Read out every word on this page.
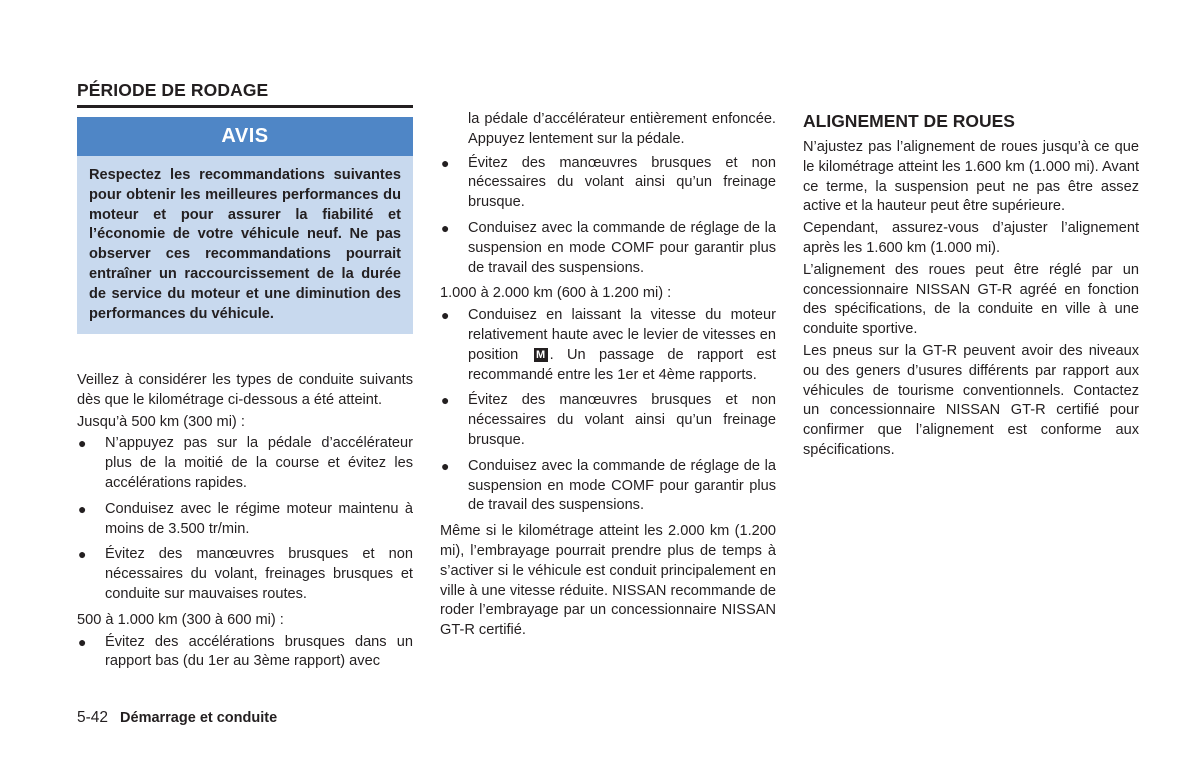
PÉRIODE DE RODAGE
AVIS
Respectez les recommandations suivantes pour obtenir les meilleures performances du moteur et pour assurer la fiabilité et l’économie de votre véhicule neuf. Ne pas observer ces recommandations pourrait entraîner un raccourcissement de la durée de service du moteur et une diminution des performances du véhicule.

Veillez à considérer les types de conduite suivants dès que le kilométrage ci-dessous a été atteint.

Jusqu’à 500 km (300 mi) :

● N’appuyez pas sur la pédale d’accélérateur plus de la moitié de la course et évitez les accélérations rapides.
● Conduisez avec le régime moteur maintenu à moins de 3.500 tr/min.
● Évitez des manœuvres brusques et non nécessaires du volant, freinages brusques et conduite sur mauvaises routes.

500 à 1.000 km (300 à 600 mi) :

● Évitez des accélérations brusques dans un rapport bas (du 1er au 3ème rapport) avec

la pédale d’accélérateur entièrement enfoncée. Appuyez lentement sur la pédale.

● Évitez des manœuvres brusques et non nécessaires du volant ainsi qu’un freinage brusque.
● Conduisez avec la commande de réglage de la suspension en mode COMF pour garantir plus de travail des suspensions.

1.000 à 2.000 km (600 à 1.200 mi) :

● Conduisez en laissant la vitesse du moteur relativement haute avec le levier de vitesses en position M . Un passage de rapport est recommandé entre les 1er et 4ème rapports.
● Évitez des manœuvres brusques et non nécessaires du volant ainsi qu’un freinage brusque.
● Conduisez avec la commande de réglage de la suspension en mode COMF pour garantir plus de travail des suspensions.

Même si le kilométrage atteint les 2.000 km (1.200 mi), l’embrayage pourrait prendre plus de temps à s’activer si le véhicule est conduit principalement en ville à une vitesse réduite. NISSAN recommande de roder l’embrayage par un concessionnaire NISSAN GT-R certifié.

ALIGNEMENT DE ROUES

N’ajustez pas l’alignement de roues jusqu’à ce que le kilométrage atteint les 1.600 km (1.000 mi). Avant ce terme, la suspension peut ne pas être assez active et la hauteur peut être supérieure.

Cependant, assurez-vous d’ajuster l’alignement après les 1.600 km (1.000 mi).

L’alignement des roues peut être réglé par un concessionnaire NISSAN GT-R agréé en fonction des spécifications, de la conduite en ville à une conduite sportive.

Les pneus sur la GT-R peuvent avoir des niveaux ou des geners d’usures différents par rapport aux véhicules de tourisme conventionnels. Contactez un concessionnaire NISSAN GT-R certifié pour confirmer que l’alignement est conforme aux spécifications.

5-42 Démarrage et conduite
